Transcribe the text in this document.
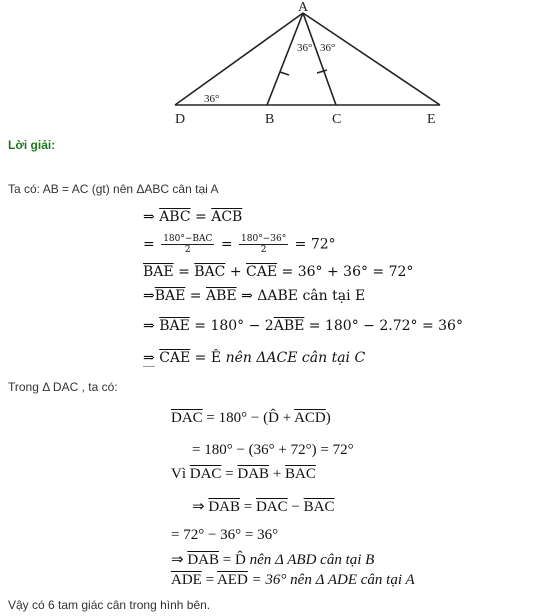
A
D	B	C	E
36° 36°
36°
Lời giải:
Ta có: AB = AC (gt) nên ΔABC cân tại A
⇒ $\overline{ABC} = \overline{ACB}$
= $\frac{\text{180°−BAC}}{2} = \frac{180^\circ-36^\circ}{2} = 72^\circ$
$\overline{BAE} = \overline{BAC} + \overline{CAE} = 36^\circ + 36^\circ = 72^\circ$
$\Rightarrow\overline{BAE} = \overline{ABE}$ ⇒ ΔABE cân tại E
⇒ $\overline{BAE} = 180^\circ - 2\overline{ABE} = 180^\circ - 2.72^\circ = 36^\circ$
⇒ $\overline{CAE}$ = Ê nên ΔACE cân tại C
Trong Δ DAC , ta có:
$\overline{DAC} = 180^\circ$ − (D̂ + $\overline{ACD}$)
= 180° − (36° + 72°) = 72°
Vì $\overline{DAC} = \overline{DAB} + \overline{BAC}$
⇒ $\overline{DAB} = \overline{DAC} - \overline{BAC}$
= 72° − 36° = 36°
⇒ $\overline{DAB}$ = D̂ nên Δ ABD cân tại B
$\overline{ADE} = \overline{AED} = 36^\circ$ nên Δ ADE cân tại A
Vậy có 6 tam giác cân trong hình bên.
